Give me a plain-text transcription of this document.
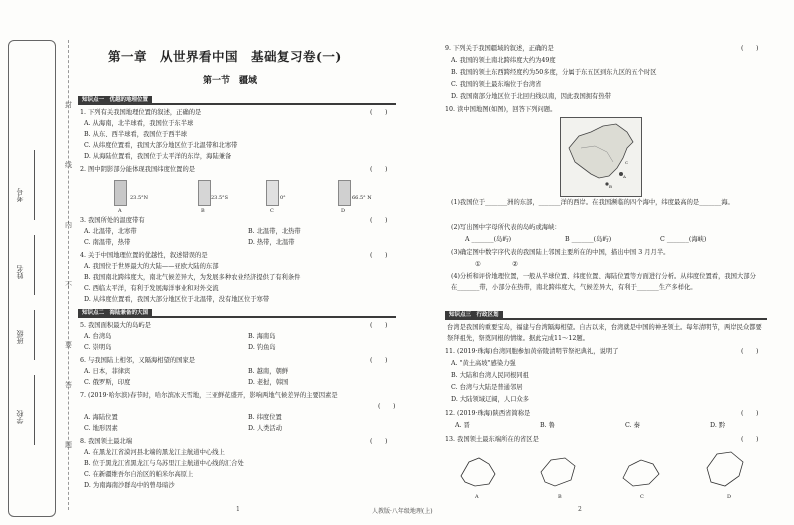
考号
姓名
班级
学校
封
线
内
不
要
答
题
第一章　从世界看中国　基础复习卷(一)
第一节　疆域
知识点一　优越的地理位置
1. 下列有关我国地理位置的叙述，正确的是	(　　)
A. 从海南，北半球看，我国位于东半球
B. 从东、西半球看，我国位于西半球
C. 从纬度位置看，我国大部分地区位于北温带和北寒带
D. 从海陆位置看，我国位于太平洋的东岸，海陆兼备
2. 图中阴影部分能体现我国纬度位置的是	(　　)
23.5°N	23.5°S	0°	66.5° N
A	B	C	D
3. 我国所处的温度带有	(　　)
A. 北温带，北寒带	B. 北温带，北热带
C. 南温带，热带	D. 热带，北温带
4. 关于中国地理位置的优越性，叙述错误的是	(　　)
A. 我国位于世界最大的大陆——亚欧大陆的东部
B. 我国南北跨纬度大，南北气候差异大，为发展多种农业经济提供了有利条件
C. 西临太平洋，有利于发展海洋事业和对外交流
D. 从纬度位置看，我国大部分地区位于北温带，没有地区位于寒带
知识点二　海陆兼备的大国
5. 我国面积最大的岛屿是	(　　)
A. 台湾岛	B. 海南岛
C. 崇明岛	D. 钓鱼岛
6. 与我国陆上相邻，又隔海相望的国家是	(　　)
A. 日本，菲律宾	B. 越南，朝鲜
C. 俄罗斯，印度	D. 老挝，韩国
7. (2019·哈尔滨)春节时，哈尔滨冰天雪地，三亚鲜花盛开，影响两地气候差异的主要因素是
(　　)
A. 海陆位置	B. 纬度位置
C. 地形因素	D. 人类活动
8. 我国领土最北端	(　　)
A. 在黑龙江省漠河县北端的黑龙江主航道中心线上
B. 位于黑龙江省黑龙江与乌苏里江主航道中心线的汇合处
C. 在新疆维吾尔自治区的帕米尔高原上
D. 为南海南沙群岛中的曾母暗沙
9. 下列关于我国疆域的叙述，正确的是	(　　)
A. 我国的领土南北跨纬度大约为49度
B. 我国的领土东西跨经度约为50多度，分属于东五区到东九区的五个时区
C. 我国的领土最东端位于台湾省
D. 我国南部分地区位于北回归线以南，因此我国拥有热带
10. 读中国地图(如图)，回答下列问题。
A
B
C
(1)我国位于_______洲的东部，_______洋的西岸。在我国濒临的四个海中，纬度最高的是_______海。
(2)写出图中字母所代表的岛屿或海峡：
A _______(岛屿)	B _______(岛屿)	C _______(海峡)
(3)确定图中数字序代表的我国陆上邻国主要所在的中国，描出中国 3 月月半。
①　　　　　②
(4)分析和评价地理位置，一般从半球位置、纬度位置、海陆位置等方面进行分析。从纬度位置看，我国大部分在_______带，小部分在热带，南北跨纬度大，气候差异大，有利于_______生产多样化。
知识点三　行政区划
台湾是我国的重要宝岛，福建与台湾隔海相望。自古以来，台湾就是中国的神圣领土。每年清明节，两岸民众都要祭拜祖先，祭奠同根的情缘。据此完成11～12题。
11. (2019·珠海)台湾同胞参加黄帝陵清明节祭祀典礼，说明了	(　　)
A. "黄土高坡"感染力强
B. 大陆和台湾人民同根同祖
C. 台湾与大陆是普通邻居
D. 大陆领域辽阔，人口众多
12. (2019·珠海)陕西省简称是	(　　)
A. 晋	B. 鲁	C. 秦	D. 黔
13. 我国领土最东端所在的省区是	(　　)
A	B	C	D
1	人教版·八年级地理(上)	2
